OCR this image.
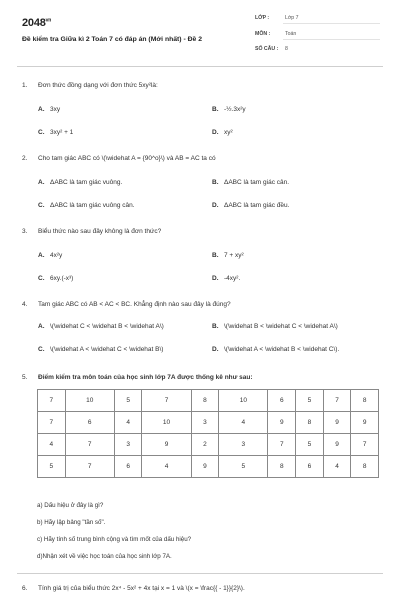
$2048^{vn}$
Đề kiểm tra Giữa kì 2 Toán 7 có đáp án (Mới nhất) - Đề 2
LỚP :	Lớp 7
MÔN :	Toán
SỐ CÂU : 8
1. Đơn thức đồng dạng với đơn thức 5xy²là:
A. 3xy	B. -½.3x²y
C. 3xy² + 1	D. xy²
2. Cho tam giác ABC có \(\widehat A = {90^o}\) và AB = AC ta có
A. ΔABC là tam giác vuông.	B. ΔABC là tam giác cân.
C. ΔABC là tam giác vuông cân.	D. ΔABC là tam giác đều.
3. Biểu thức nào sau đây không là đơn thức?
A. 4x²y	B. 7 + xy²
C. 6xy.(-x³)	D. -4xy².
4. Tam giác ABC có AB < AC < BC. Khẳng định nào sau đây là đúng?
A. \(\widehat C < \widehat B < \widehat A\)	B. \(\widehat B < \widehat C < \widehat A\)
C. \(\widehat A < \widehat C < \widehat B\)	D. \(\widehat A < \widehat B < \widehat C\).
5. Điểm kiểm tra môn toán của học sinh lớp 7A được thống kê như sau:
7	10	5	7	8	10	6	5	7	8
7	6	4	10	3	4	9	8	9	9
4	7	3	9	2	3	7	5	9	7
5	7	6	4	9	5	8	6	4	8
a) Dấu hiệu ở đây là gì?
b) Hãy lập bảng "tần số".
c) Hãy tính số trung bình cộng và tìm mốt của dấu hiệu?
d)Nhận xét về việc học toán của học sinh lớp 7A.
6. Tính giá trị của biểu thức 2x⁴ - 5x² + 4x tại x = 1 và \(x = \frac{{ - 1}}{2}\).
